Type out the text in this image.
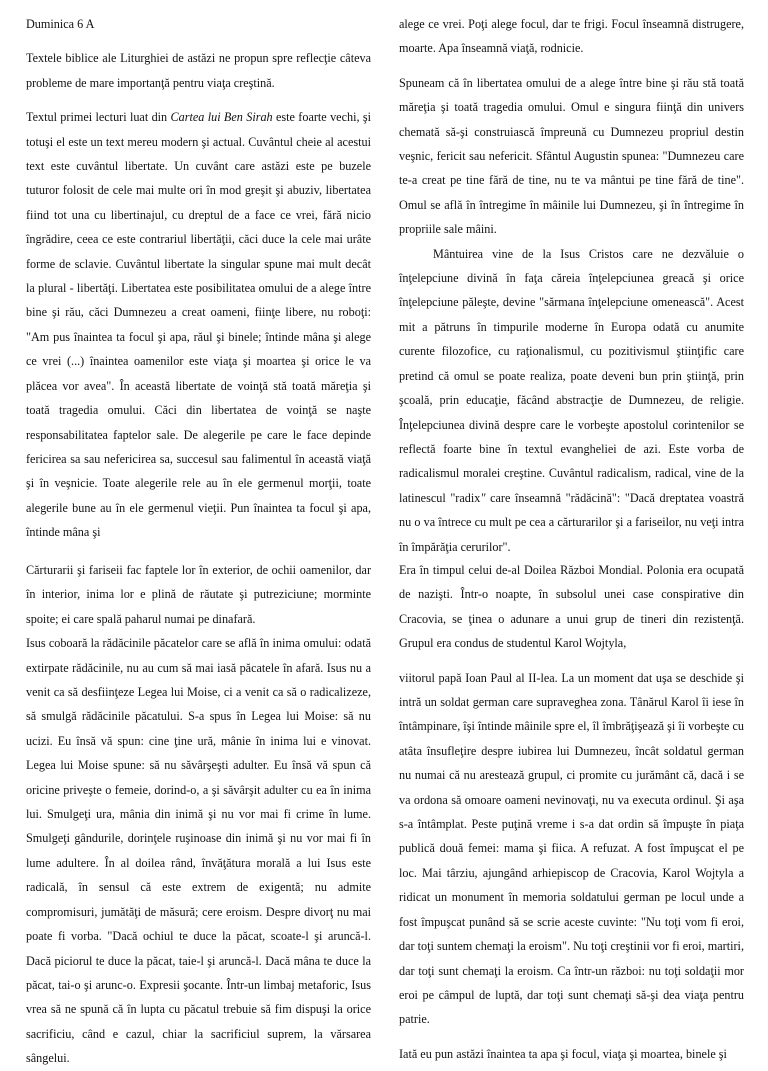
Duminica 6 A

Textele biblice ale Liturghiei de astăzi ne propun spre reflecţie câteva probleme de mare importanţă pentru viaţa creştină.

Textul primei lecturi luat din Cartea lui Ben Sirah este foarte vechi, şi totuşi el este un text mereu modern şi actual. Cuvântul cheie al acestui text este cuvântul libertate. Un cuvânt care astăzi este pe buzele tuturor folosit de cele mai multe ori în mod greşit şi abuziv, libertatea fiind tot una cu libertinajul, cu dreptul de a face ce vrei, fără nicio îngrădire, ceea ce este contrariul libertăţii, căci duce la cele mai urâte forme de sclavie. Cuvântul libertate la singular spune mai mult decât la plural - libertăţi. Libertatea este posibilitatea omului de a alege între bine şi rău, căci Dumnezeu a creat oameni, fiinţe libere, nu roboţi: "Am pus înaintea ta focul şi apa, răul şi binele; întinde mâna şi alege ce vrei (...) înaintea oamenilor este viaţa şi moartea şi orice le va plăcea vor avea". În această libertate de voinţă stă toată măreţia şi toată tragedia omului. Căci din libertatea de voinţă se naşte responsabilitatea faptelor sale. De alegerile pe care le face depinde fericirea sa sau nefericirea sa, succesul sau falimentul în această viaţă şi în veşnicie. Toate alegerile rele au în ele germenul morţii, toate alegerile bune au în ele germenul vieţii. Pun înaintea ta focul şi apa, întinde mâna şi

alege ce vrei. Poţi alege focul, dar te frigi. Focul înseamnă distrugere, moarte. Apa înseamnă viaţă, rodnicie.

Spuneam că în libertatea omului de a alege între bine şi rău stă toată măreţia şi toată tragedia omului. Omul e singura fiinţă din univers chemată să-şi construiască împreună cu Dumnezeu propriul destin veşnic, fericit sau nefericit. Sfântul Augustin spunea: "Dumnezeu care te-a creat pe tine fără de tine, nu te va mântui pe tine fără de tine". Omul se află în întregime în mâinile lui Dumnezeu, şi în întregime în propriile sale mâini.

Mântuirea vine de la Isus Cristos care ne dezvăluie o înţelepciune divină în faţa căreia înţelepciunea greacă şi orice înţelepciune păleşte, devine "sărmana înţelepciune omenească". Acest mit a pătruns în timpurile moderne în Europa odată cu anumite curente filozofice, cu raţionalismul, cu pozitivismul ştiinţific care pretind că omul se poate realiza, poate deveni bun prin ştiinţă, prin şcoală, prin educaţie, făcând abstracţie de Dumnezeu, de religie. Înţelepciunea divină despre care le vorbeşte apostolul corintenilor se reflectă foarte bine în textul evangheliei de azi. Este vorba de radicalismul moralei creştine. Cuvântul radicalism, radical, vine de la latinescul "radix" care înseamnă "rădăcină": "Dacă dreptatea voastră nu o va întrece cu mult pe cea a cărturarilor şi a fariseilor, nu veţi intra în împărăţia cerurilor".

Cărturarii şi fariseii fac faptele lor în exterior, de ochii oamenilor, dar în interior, inima lor e plină de răutate şi putreziciune; morminte spoite; ei care spală paharul numai pe dinafară.

Isus coboară la rădăcinile păcatelor care se află în inima omului: odată extirpate rădăcinile, nu au cum să mai iasă păcatele în afară. Isus nu a venit ca să desfiinţeze Legea lui Moise, ci a venit ca să o radicalizeze, să smulgă rădăcinile păcatului. S-a spus în Legea lui Moise: să nu ucizi. Eu însă vă spun: cine ţine ură, mânie în inima lui e vinovat. Legea lui Moise spune: să nu săvârşeşti adulter. Eu însă vă spun că oricine priveşte o femeie, dorind-o, a şi săvârşit adulter cu ea în inima lui. Smulgeţi ura, mânia din inimă şi nu vor mai fi crime în lume. Smulgeţi gândurile, dorinţele ruşinoase din inimă şi nu vor mai fi în lume adultere. În al doilea rând, învăţătura morală a lui Isus este radicală, în sensul că este extrem de exigentă; nu admite compromisuri, jumătăţi de măsură; cere eroism. Despre divorţ nu mai poate fi vorba. "Dacă ochiul te duce la păcat, scoate-l şi aruncă-l. Dacă piciorul te duce la păcat, taie-l şi aruncă-l. Dacă mâna te duce la păcat, tai-o şi arunc-o. Expresii şocante. Într-un limbaj metaforic, Isus vrea să ne spună că în lupta cu păcatul trebuie să fim dispuşi la orice sacrificiu, când e cazul, chiar la sacrificiul suprem, la vărsarea sângelui.

Era în timpul celui de-al Doilea Război Mondial. Polonia era ocupată de nazişti. Într-o noapte, în subsolul unei case conspirative din Cracovia, se ţinea o adunare a unui grup de tineri din rezistenţă. Grupul era condus de studentul Karol Wojtyla,

viitorul papă Ioan Paul al II-lea. La un moment dat uşa se deschide şi intră un soldat german care supraveghea zona. Tânărul Karol îi iese în întâmpinare, îşi întinde mâinile spre el, îl îmbrăţişează şi îi vorbeşte cu atâta însufleţire despre iubirea lui Dumnezeu, încât soldatul german nu numai că nu arestează grupul, ci promite cu jurământ că, dacă i se va ordona să omoare oameni nevinovaţi, nu va executa ordinul. Şi aşa s-a întâmplat. Peste puţină vreme i s-a dat ordin să împuşte în piaţa publică două femei: mama şi fiica. A refuzat. A fost împuşcat el pe loc. Mai târziu, ajungând arhiepiscop de Cracovia, Karol Wojtyla a ridicat un monument în memoria soldatului german pe locul unde a fost împuşcat punând să se scrie aceste cuvinte: "Nu toţi vom fi eroi, dar toţi suntem chemaţi la eroism". Nu toţi creştinii vor fi eroi, martiri, dar toţi sunt chemaţi la eroism. Ca într-un război: nu toţi soldaţii mor eroi pe câmpul de luptă, dar toţi sunt chemaţi să-şi dea viaţa pentru patrie.

Iată eu pun astăzi înaintea ta apa şi focul, viaţa şi moartea, binele şi
